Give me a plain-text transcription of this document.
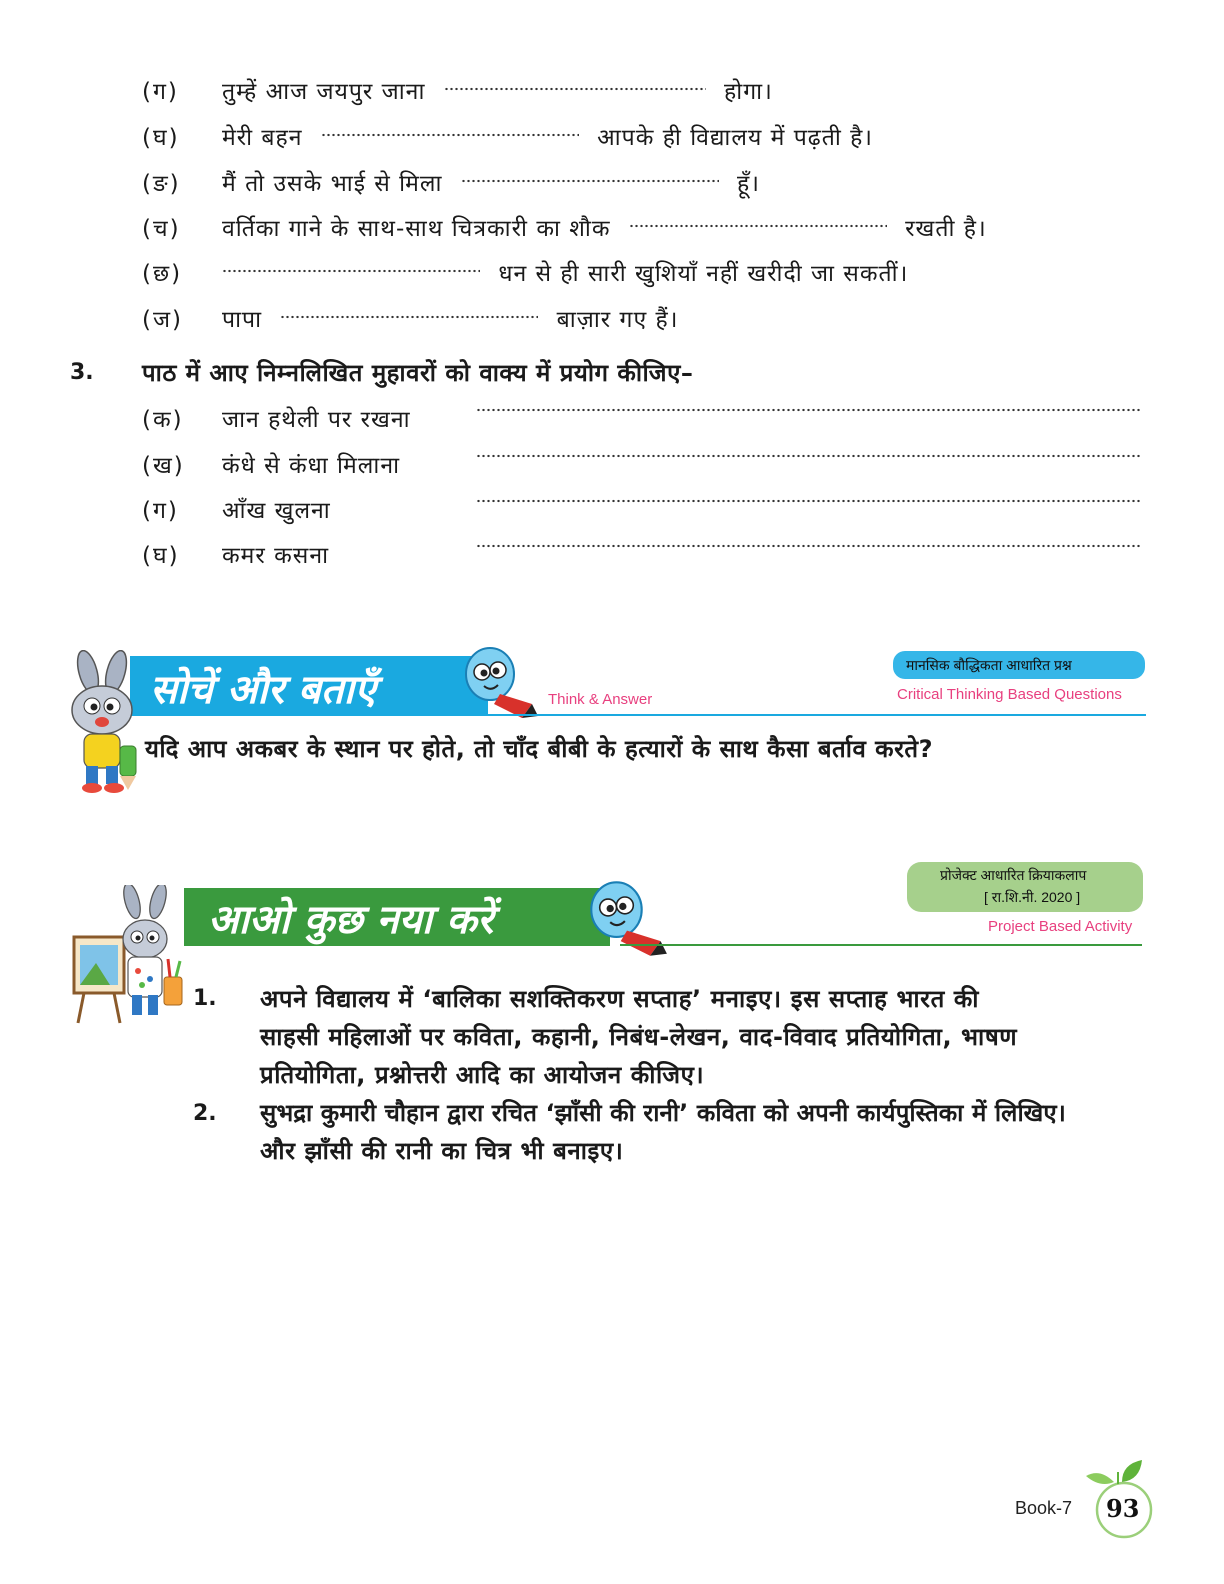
(ग) तुम्हें आज जयपुर जाना	होगा।
(घ) मेरी बहन	आपके ही विद्यालय में पढ़ती है।
(ङ) मैं तो उसके भाई से मिला	हूँ।
(च) वर्तिका गाने के साथ-साथ चित्रकारी का शौक	रखती है।
(छ)	धन से ही सारी खुशियाँ नहीं खरीदी जा सकतीं।
(ज) पापा	बाज़ार गए हैं।
3. पाठ में आए निम्नलिखित मुहावरों को वाक्य में प्रयोग कीजिए–
(क) जान हथेली पर रखना
(ख) कंधे से कंधा मिलाना
(ग) आँख खुलना
(घ) कमर कसना
सोचें और बताएँ	Think & Answer
मानसिक बौद्धिकता आधारित प्रश्न
Critical Thinking Based Questions
यदि आप अकबर के स्थान पर होते, तो चाँद बीबी के हत्यारों के साथ कैसा बर्ताव करते?
आओ कुछ नया करें
प्रोजेक्ट आधारित क्रियाकलाप
[ रा.शि.नी. 2020 ]
Project Based Activity
1. अपने विद्यालय में ‘बालिका सशक्तिकरण सप्ताह’ मनाइए। इस सप्ताह भारत की
साहसी महिलाओं पर कविता, कहानी, निबंध-लेखन, वाद-विवाद प्रतियोगिता, भाषण
प्रतियोगिता, प्रश्नोत्तरी आदि का आयोजन कीजिए।
2. सुभद्रा कुमारी चौहान द्वारा रचित ‘झाँसी की रानी’ कविता को अपनी कार्यपुस्तिका में लिखिए।
और झाँसी की रानी का चित्र भी बनाइए।
Book-7 93
